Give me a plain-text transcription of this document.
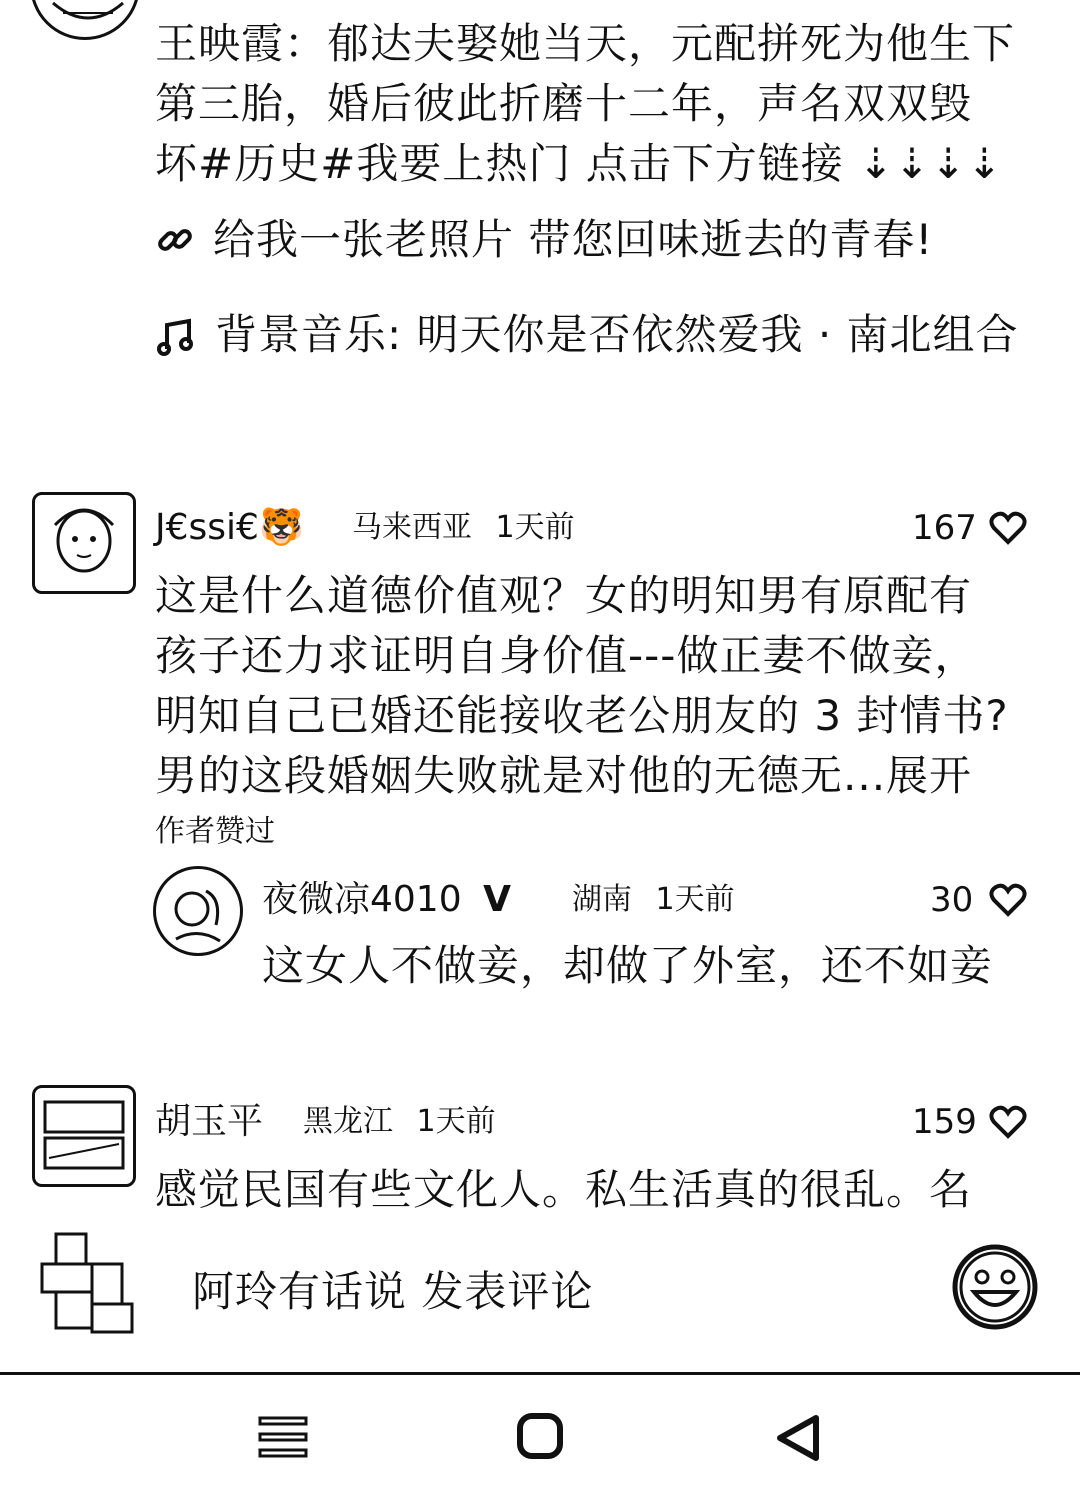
王映霞：郁达夫娶她当天，元配拼死为他生下
第三胎，婚后彼此折磨十二年，声名双双毁
坏#历史#我要上热门 点击下方链接 ⇣⇣⇣⇣
给我一张老照片 带您回味逝去的青春!
背景音乐: 明天你是否依然爱我 · 南北组合
J€ssi€🐯 马来西亚 1天前	167
这是什么道德价值观？女的明知男有原配有
孩子还力求证明自身价值---做正妻不做妾，
明知自己已婚还能接收老公朋友的 3 封情书?
男的这段婚姻失败就是对他的无德无...展开
作者赞过
夜微凉4010 V 湖南 1天前	30
这女人不做妾，却做了外室，还不如妾
胡玉平 黑龙江 1天前	159
感觉民国有些文化人。私生活真的很乱。名
阿玲有话说 发表评论
